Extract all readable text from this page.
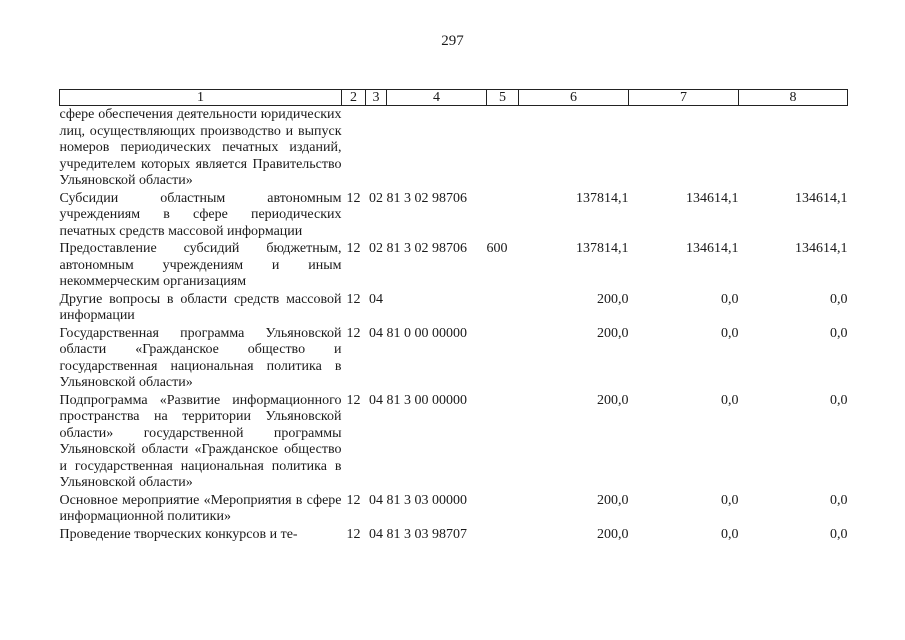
297
1	2	3	4	5	6	7	8
сфере обеспечения деятельности юридических лиц, осуществляющих производство и выпуск номеров периодических печатных изданий, учредителем которых является Правительство Ульяновской области»							
Субсидии областным автономным учреждениям в сфере периодических печатных средств массовой информации	12	02	81 3 02 98706		137814,1	134614,1	134614,1
Предоставление субсидий бюджетным, автономным учреждениям и иным некоммерческим организациям	12	02	81 3 02 98706	600	137814,1	134614,1	134614,1
Другие вопросы в области средств массовой информации	12	04			200,0	0,0	0,0
Государственная программа Ульяновской области «Гражданское общество и государственная национальная политика в Ульяновской области»	12	04	81 0 00 00000		200,0	0,0	0,0
Подпрограмма «Развитие информационного пространства на территории Ульяновской области» государственной программы Ульяновской области «Гражданское общество и государственная национальная политика в Ульяновской области»	12	04	81 3 00 00000		200,0	0,0	0,0
Основное мероприятие «Мероприятия в сфере информационной политики»	12	04	81 3 03 00000		200,0	0,0	0,0
Проведение творческих конкурсов и те-	12	04	81 3 03 98707		200,0	0,0	0,0
